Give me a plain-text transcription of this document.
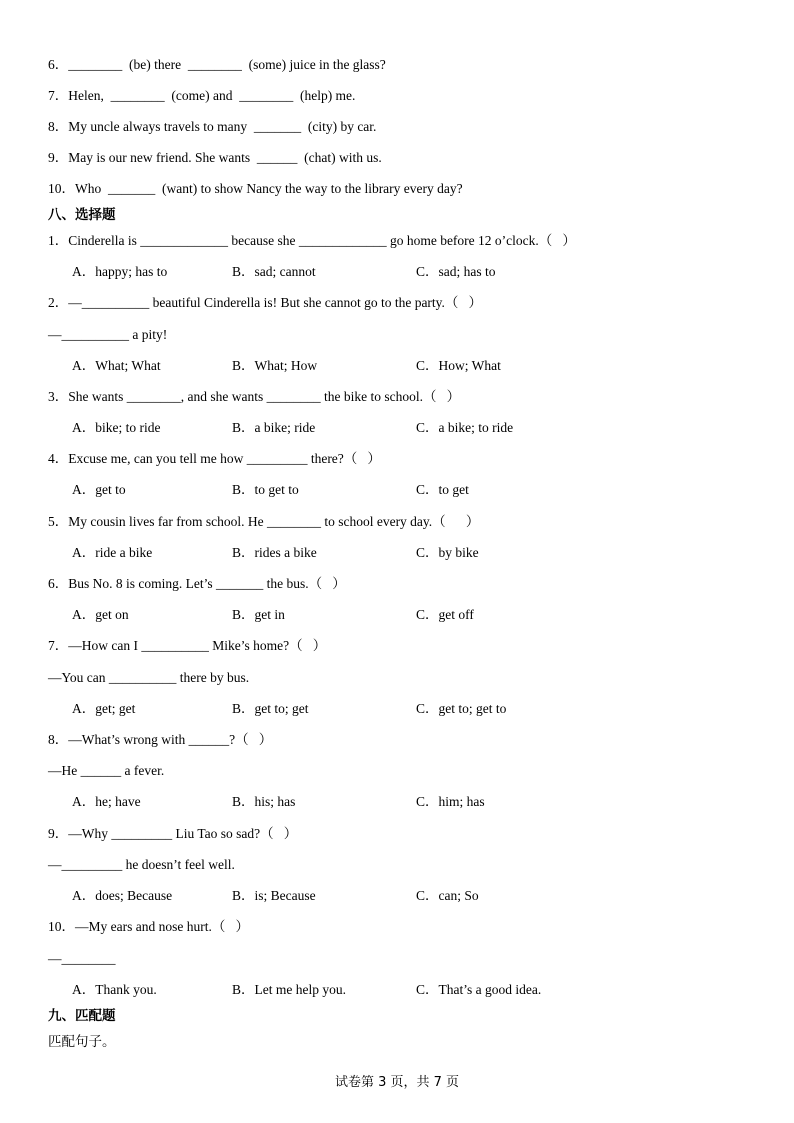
6．________  (be) there  ________  (some) juice in the glass?
7．Helen,  ________  (come) and  ________  (help) me.
8．My uncle always travels to many  _______  (city) by car.
9．May is our new friend. She wants  ______  (chat) with us.
10．Who  _______  (want) to show Nancy the way to the library every day?
八、选择题
1．Cinderella is _____________ because she _____________ go home before 12 o’clock.（   ）
A．happy; has to	B．sad; cannot	C．sad; has to
2．—__________ beautiful Cinderella is! But she cannot go to the party.（   ）
—__________ a pity!
A．What; What	B．What; How	C．How; What
3．She wants ________, and she wants ________ the bike to school.（   ）
A．bike; to ride	B．a bike; ride	C．a bike; to ride
4．Excuse me, can you tell me how _________ there?（   ）
A．get to	B．to get to	C．to get
5．My cousin lives far from school. He ________ to school every day.（      ）
A．ride a bike	B．rides a bike	C．by bike
6．Bus No. 8 is coming. Let’s _______ the bus.（   ）
A．get on	B．get in	C．get off
7．—How can I __________ Mike’s home?（   ）
—You can __________ there by bus.
A．get; get	B．get to; get	C．get to; get to
8．—What’s wrong with ______?（   ）
—He ______ a fever.
A．he; have	B．his; has	C．him; has
9．—Why _________ Liu Tao so sad?（   ）
—_________ he doesn’t feel well.
A．does; Because	B．is; Because	C．can; So
10．—My ears and nose hurt.（   ）
—________
A．Thank you.	B．Let me help you.	C．That’s a good idea.
九、匹配题
匹配句子。
试卷第 3 页，共 7 页
